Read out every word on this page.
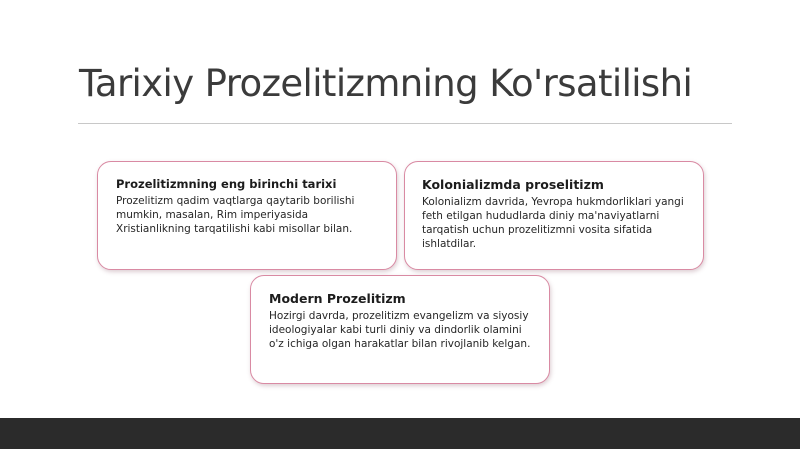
Tarixiy Prozelitizmning Ko'rsatilishi
Prozelitizmning eng birinchi tarixi

Prozelitizm qadim vaqtlarga qaytarib borilishi mumkin, masalan, Rim imperiyasida Xristianlikning tarqatilishi kabi misollar bilan.

Kolonializmda proselitizm

Kolonializm davrida, Yevropa hukmdorliklari yangi feth etilgan hududlarda diniy ma'naviyatlarni tarqatish uchun prozelitizmni vosita sifatida ishlatdilar.

Modern Prozelitizm

Hozirgi davrda, prozelitizm evangelizm va siyosiy ideologiyalar kabi turli diniy va dindorlik olamini o'z ichiga olgan harakatlar bilan rivojlanib kelgan.
